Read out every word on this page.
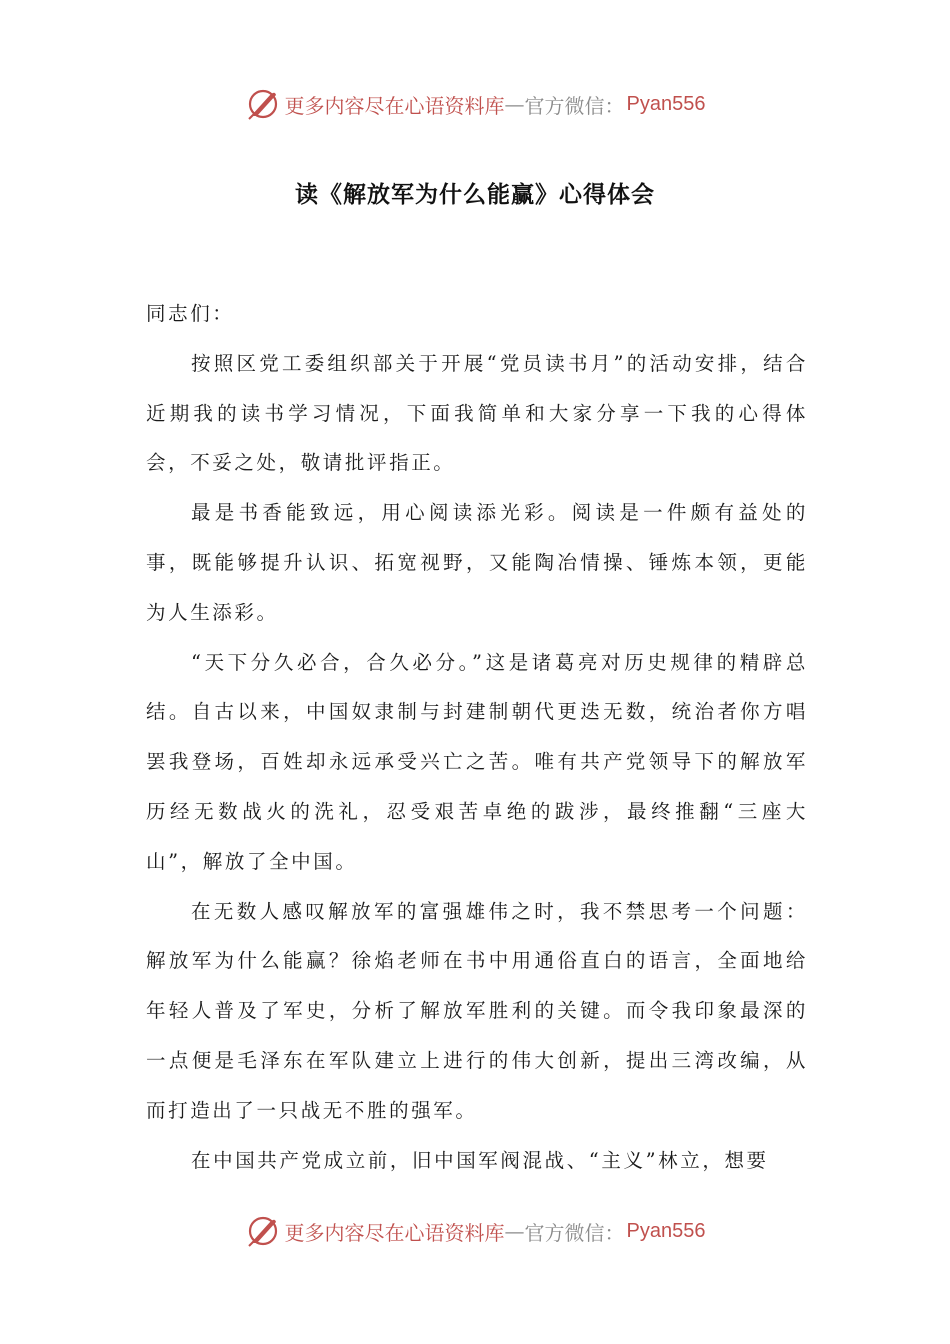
更多内容尽在心语资料库 — 官方微信： Pyan556
读《解放军为什么能赢》心得体会

同志们：

按照区党工委组织部关于开展“党员读书月”的活动安排，结合近期我的读书学习情况，下面我简单和大家分享一下我的心得体会，不妥之处，敬请批评指正。

最是书香能致远，用心阅读添光彩。阅读是一件颇有益处的事，既能够提升认识、拓宽视野，又能陶冶情操、锤炼本领，更能为人生添彩。

“天下分久必合，合久必分。”这是诸葛亮对历史规律的精辟总结。自古以来，中国奴隶制与封建制朝代更迭无数，统治者你方唱罢我登场，百姓却永远承受兴亡之苦。唯有共产党领导下的解放军历经无数战火的洗礼，忍受艰苦卓绝的跋涉，最终推翻“三座大山”，解放了全中国。

在无数人感叹解放军的富强雄伟之时，我不禁思考一个问题：解放军为什么能赢？徐焰老师在书中用通俗直白的语言，全面地给年轻人普及了军史，分析了解放军胜利的关键。而令我印象最深的一点便是毛泽东在军队建立上进行的伟大创新，提出三湾改编，从而打造出了一只战无不胜的强军。

在中国共产党成立前，旧中国军阀混战、“主义”林立，想要

更多内容尽在心语资料库 — 官方微信： Pyan556
